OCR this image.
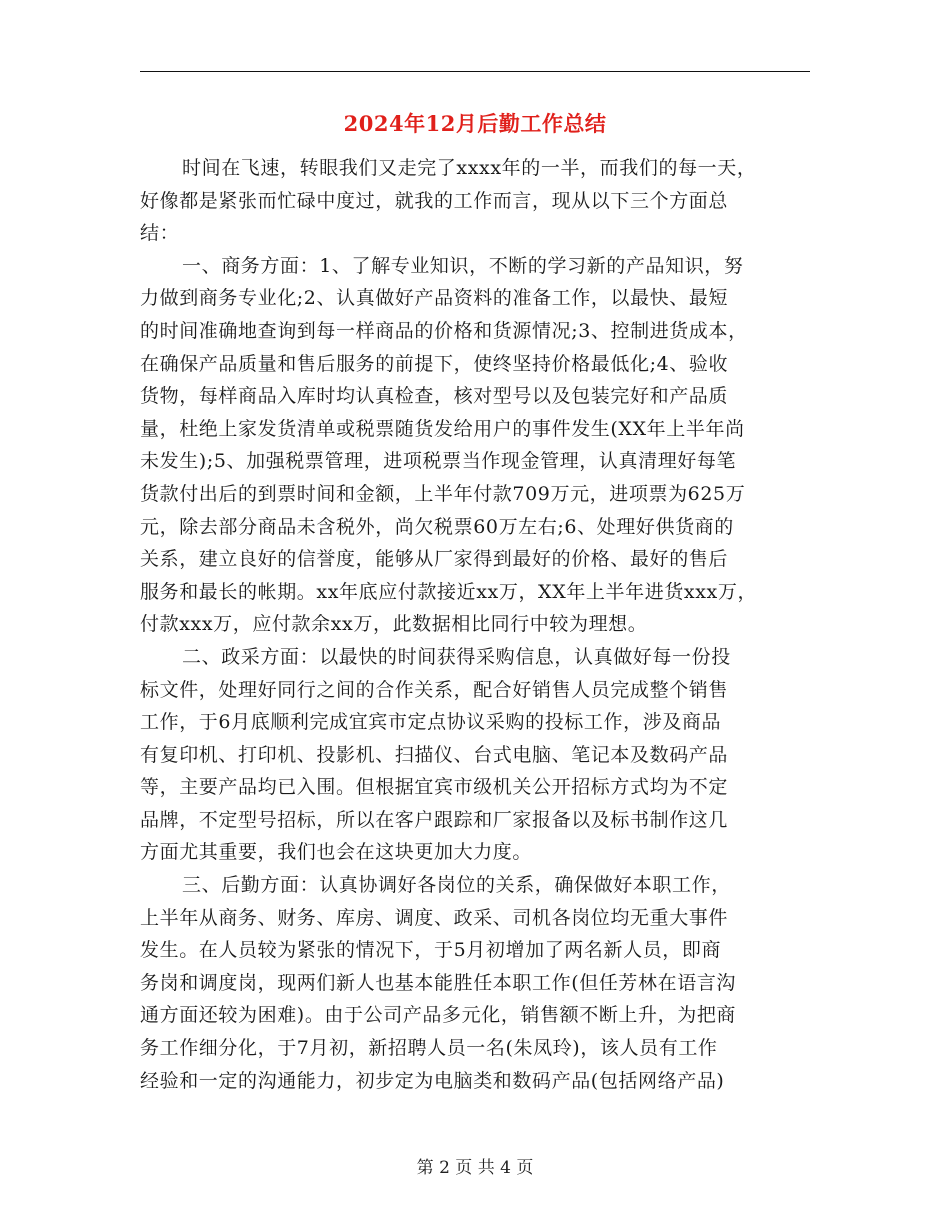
2024年12月后勤工作总结
时间在飞速，转眼我们又走完了xxxx年的一半，而我们的每一天，
好像都是紧张而忙碌中度过，就我的工作而言，现从以下三个方面总
结：
一、商务方面：1、了解专业知识，不断的学习新的产品知识，努
力做到商务专业化;2、认真做好产品资料的准备工作，以最快、最短
的时间准确地查询到每一样商品的价格和货源情况;3、控制进货成本，
在确保产品质量和售后服务的前提下，使终坚持价格最低化;4、验收
货物，每样商品入库时均认真检查，核对型号以及包装完好和产品质
量，杜绝上家发货清单或税票随货发给用户的事件发生(XX年上半年尚
未发生);5、加强税票管理，进项税票当作现金管理，认真清理好每笔
货款付出后的到票时间和金额，上半年付款709万元，进项票为625万
元，除去部分商品未含税外，尚欠税票60万左右;6、处理好供货商的
关系，建立良好的信誉度，能够从厂家得到最好的价格、最好的售后
服务和最长的帐期。xx年底应付款接近xx万，XX年上半年进货xxx万，
付款xxx万，应付款余xx万，此数据相比同行中较为理想。
二、政采方面：以最快的时间获得采购信息，认真做好每一份投
标文件，处理好同行之间的合作关系，配合好销售人员完成整个销售
工作，于6月底顺利完成宜宾市定点协议采购的投标工作，涉及商品
有复印机、打印机、投影机、扫描仪、台式电脑、笔记本及数码产品
等，主要产品均已入围。但根据宜宾市级机关公开招标方式均为不定
品牌，不定型号招标，所以在客户跟踪和厂家报备以及标书制作这几
方面尤其重要，我们也会在这块更加大力度。
三、后勤方面：认真协调好各岗位的关系，确保做好本职工作，
上半年从商务、财务、库房、调度、政采、司机各岗位均无重大事件
发生。在人员较为紧张的情况下，于5月初增加了两名新人员，即商
务岗和调度岗，现两们新人也基本能胜任本职工作(但任芳林在语言沟
通方面还较为困难)。由于公司产品多元化，销售额不断上升，为把商
务工作细分化，于7月初，新招聘人员一名(朱凤玲)，该人员有工作
经验和一定的沟通能力，初步定为电脑类和数码产品(包括网络产品)
第 2 页 共 4 页
